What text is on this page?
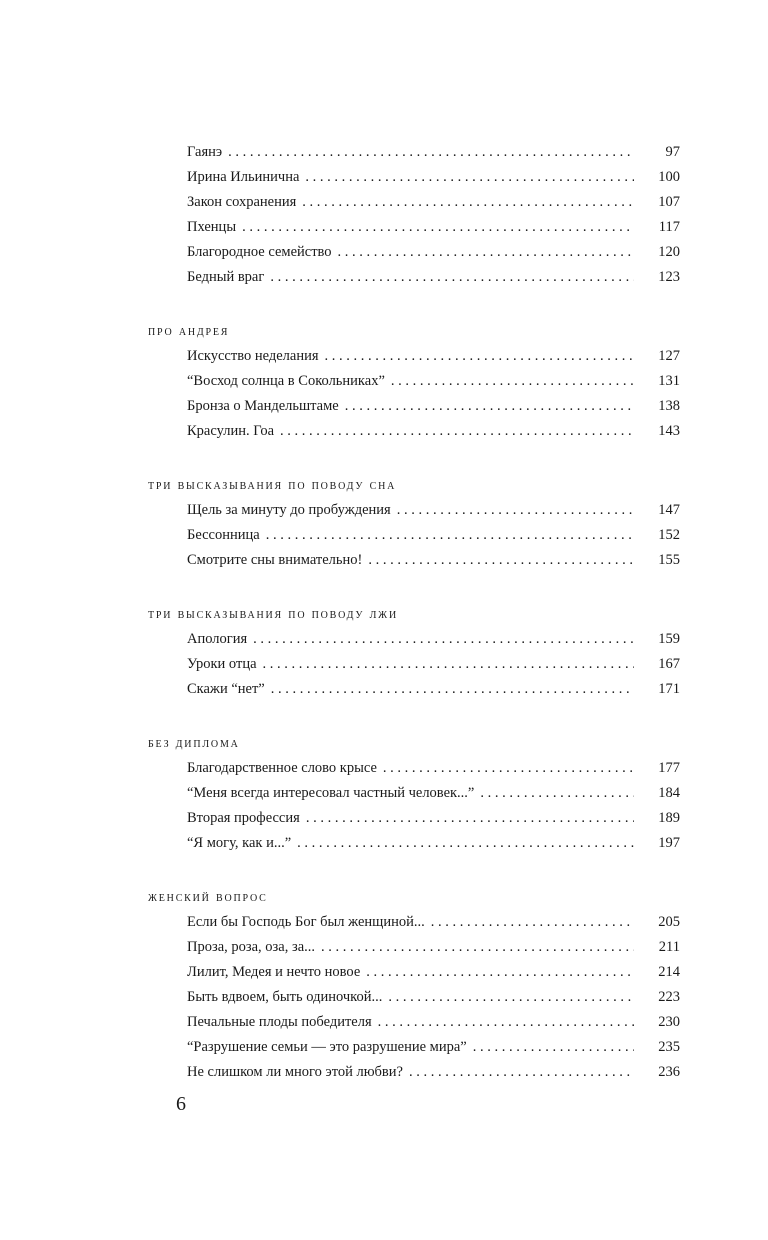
Гаянэ . . .	97
Ирина Ильинична . . .	100
Закон сохранения . . .	107
Пхенцы . . .	117
Благородное семейство . . .	120
Бедный враг . . .	123
про андрея
Искусство неделания . . .	127
“Восход солнца в Сокольниках” . . .	131
Бронза о Мандельштаме . . .	138
Красулин. Гоа . . .	143
три высказывания по поводу сна
Щель за минуту до пробуждения . . .	147
Бессонница . . .	152
Смотрите сны внимательно! . . .	155
три высказывания по поводу лжи
Апология . . .	159
Уроки отца . . .	167
Скажи “нет” . . .	171
без диплома
Благодарственное слово крысе . . .	177
“Меня всегда интересовал частный человек...” . . .	184
Вторая профессия . . .	189
“Я могу, как и...” . . .	197
женский вопрос
Если бы Господь Бог был женщиной... . . .	205
Проза, роза, оза, за... . . .	211
Лилит, Медея и нечто новое . . .	214
Быть вдвоем, быть одиночкой... . . .	223
Печальные плоды победителя . . .	230
“Разрушение семьи — это разрушение мира” . . .	235
Не слишком ли много этой любви? . . .	236
6
